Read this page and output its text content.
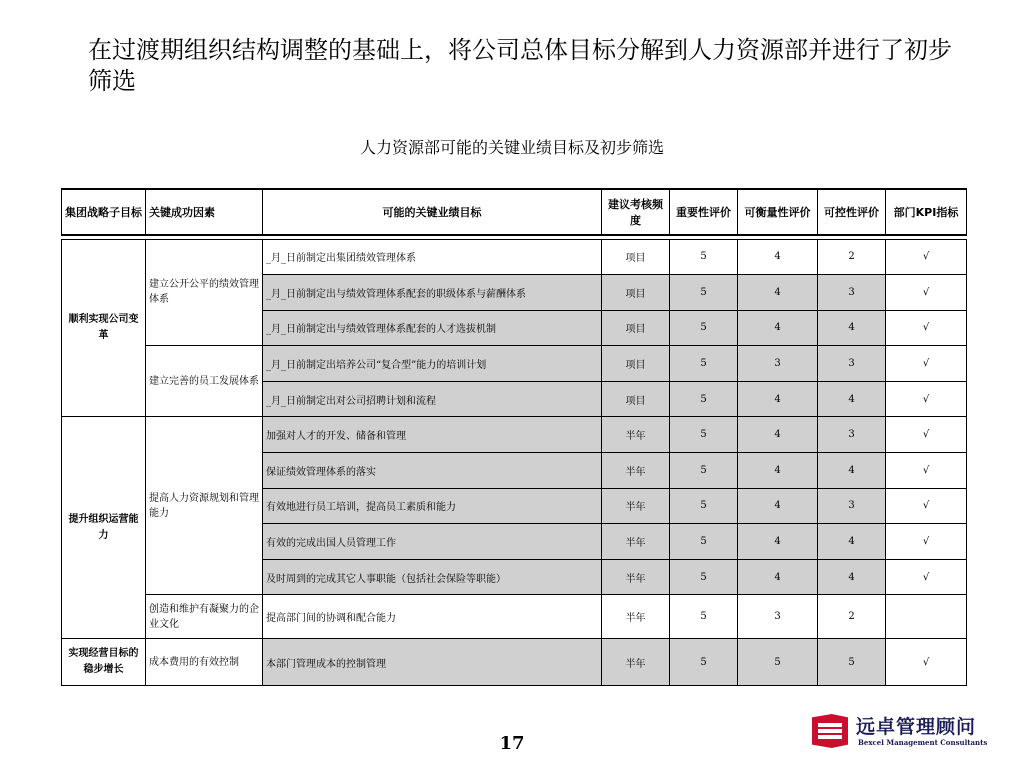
在过渡期组织结构调整的基础上，将公司总体目标分解到人力资源部并进行了初步筛选
人力资源部可能的关键业绩目标及初步筛选
集团战略子目标	关键成功因素	可能的关键业绩目标	建议考核频度	重要性评价	可衡量性评价	可控性评价	部门KPI指标

顺利实现公司变革	建立公开公平的绩效管理体系	_月_日前制定出集团绩效管理体系	项目	5	4	2	√
		_月_日前制定出与绩效管理体系配套的职级体系与薪酬体系	项目	5	4	3	√
		_月_日前制定出与绩效管理体系配套的人才选拔机制	项目	5	4	4	√
	建立完善的员工发展体系	_月_日前制定出培养公司“复合型”能力的培训计划	项目	5	3	3	√
		_月_日前制定出对公司招聘计划和流程	项目	5	4	4	√
提升组织运营能力	提高人力资源规划和管理能力	加强对人才的开发、储备和管理	半年	5	4	3	√
		保证绩效管理体系的落实	半年	5	4	4	√
		有效地进行员工培训，提高员工素质和能力	半年	5	4	3	√
		有效的完成出国人员管理工作	半年	5	4	4	√
		及时周到的完成其它人事职能（包括社会保险等职能）	半年	5	4	4	√
	创造和维护有凝聚力的企业文化	提高部门间的协调和配合能力	半年	5	3	2	
实现经营目标的稳步增长	成本费用的有效控制	本部门管理成本的控制管理	半年	5	5	5	√
17
远卓管理顾问
Bexcel Management Consultants
